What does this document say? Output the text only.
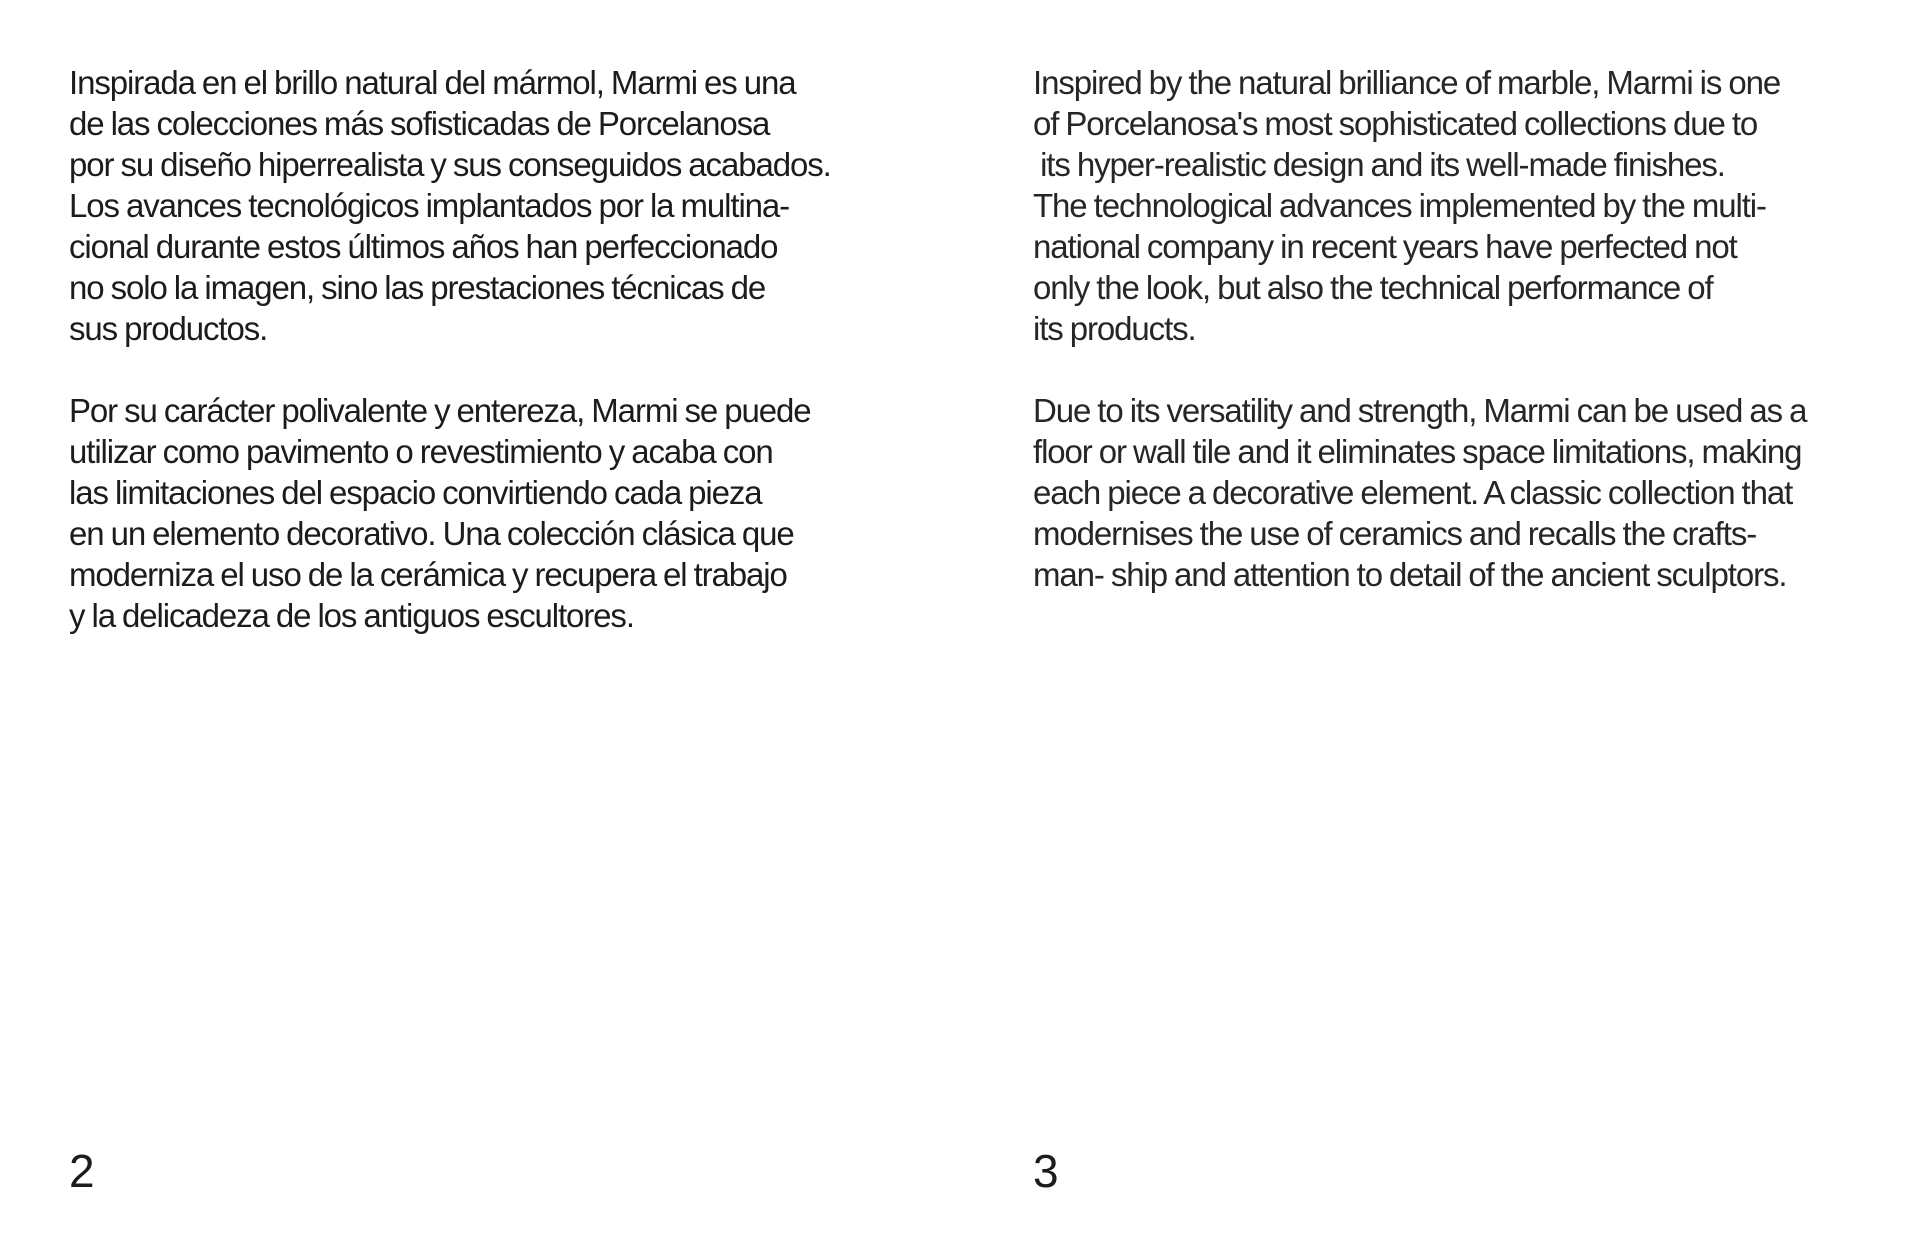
Inspirada en el brillo natural del mármol, Marmi es una
de las colecciones más sofisticadas de Porcelanosa
por su diseño hiperrealista y sus conseguidos acabados.
Los avances tecnológicos implantados por la multina-
cional durante estos últimos años han perfeccionado
no solo la imagen, sino las prestaciones técnicas de
sus productos.

Por su carácter polivalente y entereza, Marmi se puede
utilizar como pavimento o revestimiento y acaba con
las limitaciones del espacio convirtiendo cada pieza
en un elemento decorativo. Una colección clásica que
moderniza el uso de la cerámica y recupera el trabajo
y la delicadeza de los antiguos escultores.

2

Inspired by the natural brilliance of marble, Marmi is one
of Porcelanosa's most sophisticated collections due to
its hyper-realistic design and its well-made finishes.
The technological advances implemented by the multi-
national company in recent years have perfected not
only the look, but also the technical performance of
its products.

Due to its versatility and strength, Marmi can be used as a
floor or wall tile and it eliminates space limitations, making
each piece a decorative element. A classic collection that
modernises the use of ceramics and recalls the crafts-
man- ship and attention to detail of the ancient sculptors.

3
